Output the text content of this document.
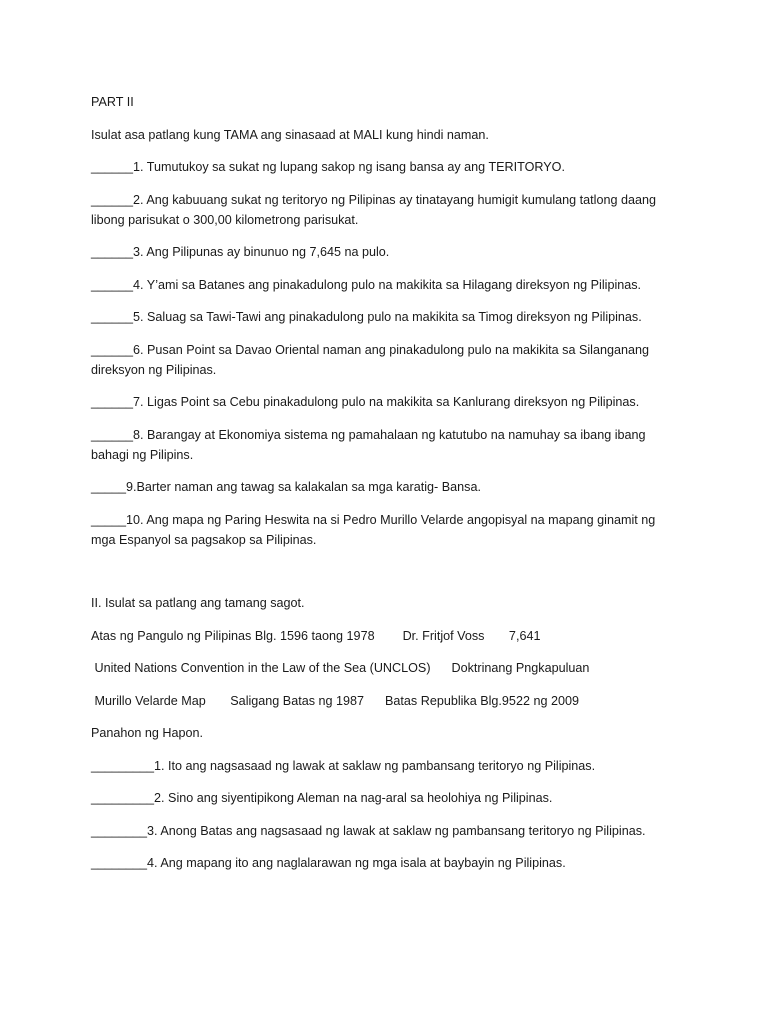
PART II

Isulat asa patlang kung TAMA ang sinasaad at MALI kung hindi naman.

______1. Tumutukoy sa sukat ng lupang sakop ng isang bansa ay ang TERITORYO.

______2. Ang kabuuang sukat ng teritoryo ng Pilipinas ay tinatayang humigit kumulang tatlong daang libong parisukat o 300,00 kilometrong parisukat.

______3. Ang Pilipunas ay binunuo ng 7,645 na pulo.

______4. Y’ami sa Batanes ang pinakadulong pulo na makikita sa Hilagang direksyon ng Pilipinas.

______5. Saluag sa Tawi-Tawi ang pinakadulong pulo na makikita sa Timog direksyon ng Pilipinas.

______6. Pusan Point sa Davao Oriental naman ang pinakadulong pulo na makikita sa Silanganang direksyon ng Pilipinas.

______7. Ligas Point sa Cebu pinakadulong pulo na makikita sa Kanlurang direksyon ng Pilipinas.

______8. Barangay at Ekonomiya sistema ng pamahalaan ng katutubo na namuhay sa ibang ibang bahagi ng Pilipins.

_____9.Barter naman ang tawag sa kalakalan sa mga karatig- Bansa.

_____10. Ang mapa ng Paring Heswita na si Pedro Murillo Velarde angopisyal na mapang ginamit ng mga Espanyol sa pagsakop sa Pilipinas.

II. Isulat sa patlang ang tamang sagot.

Atas ng Pangulo ng Pilipinas Blg. 1596 taong 1978        Dr. Fritjof Voss       7,641

United Nations Convention in the Law of the Sea (UNCLOS)      Doktrinang Pngkapuluan

Murillo Velarde Map       Saligang Batas ng 1987      Batas Republika Blg.9522 ng 2009

Panahon ng Hapon.

_________1. Ito ang nagsasaad ng lawak at saklaw ng pambansang teritoryo ng Pilipinas.

_________2. Sino ang siyentipikong Aleman na nag-aral sa heolohiya ng Pilipinas.

________3. Anong Batas ang nagsasaad ng lawak at saklaw ng pambansang teritoryo ng Pilipinas.

________4. Ang mapang ito ang naglalarawan ng mga isala at baybayin ng Pilipinas.
